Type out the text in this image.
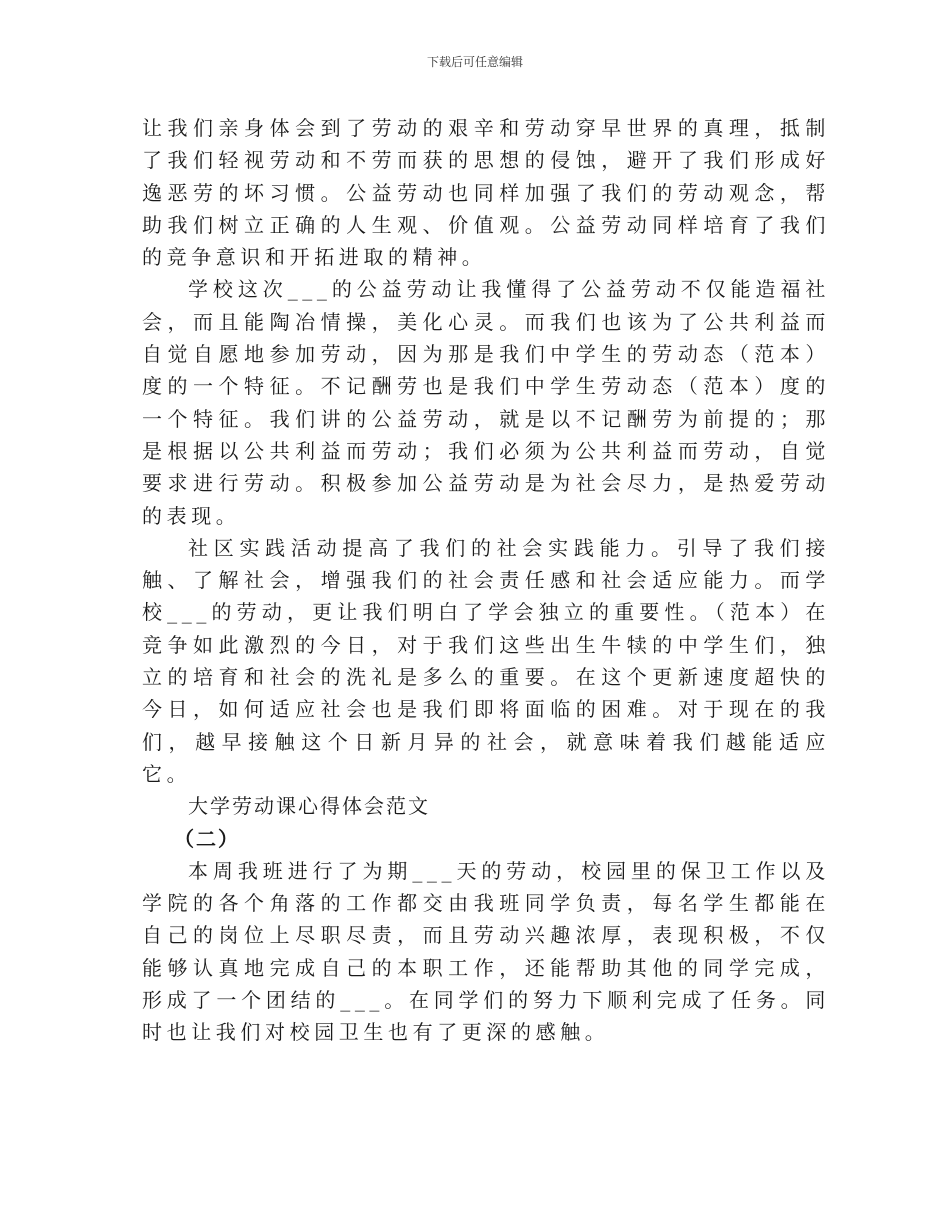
下载后可任意编辑

让我们亲身体会到了劳动的艰辛和劳动穿早世界的真理，抵制了我们轻视劳动和不劳而获的思想的侵蚀，避开了我们形成好逸恶劳的坏习惯。公益劳动也同样加强了我们的劳动观念，帮助我们树立正确的人生观、价值观。公益劳动同样培育了我们的竞争意识和开拓进取的精神。

学校这次___的公益劳动让我懂得了公益劳动不仅能造福社会，而且能陶冶情操，美化心灵。而我们也该为了公共利益而自觉自愿地参加劳动，因为那是我们中学生的劳动态（范本）度的一个特征。不记酬劳也是我们中学生劳动态（范本）度的一个特征。我们讲的公益劳动，就是以不记酬劳为前提的；那是根据以公共利益而劳动；我们必须为公共利益而劳动，自觉要求进行劳动。积极参加公益劳动是为社会尽力，是热爱劳动的表现。

社区实践活动提高了我们的社会实践能力。引导了我们接触、了解社会，增强我们的社会责任感和社会适应能力。而学校___的劳动，更让我们明白了学会独立的重要性。（范本）在竞争如此激烈的今日，对于我们这些出生牛犊的中学生们，独立的培育和社会的洗礼是多么的重要。在这个更新速度超快的今日，如何适应社会也是我们即将面临的困难。对于现在的我们，越早接触这个日新月异的社会，就意味着我们越能适应它。

大学劳动课心得体会范文

（二）

本周我班进行了为期___天的劳动，校园里的保卫工作以及学院的各个角落的工作都交由我班同学负责，每名学生都能在自己的岗位上尽职尽责，而且劳动兴趣浓厚，表现积极，不仅能够认真地完成自己的本职工作，还能帮助其他的同学完成，形成了一个团结的___。在同学们的努力下顺利完成了任务。同时也让我们对校园卫生也有了更深的感触。
